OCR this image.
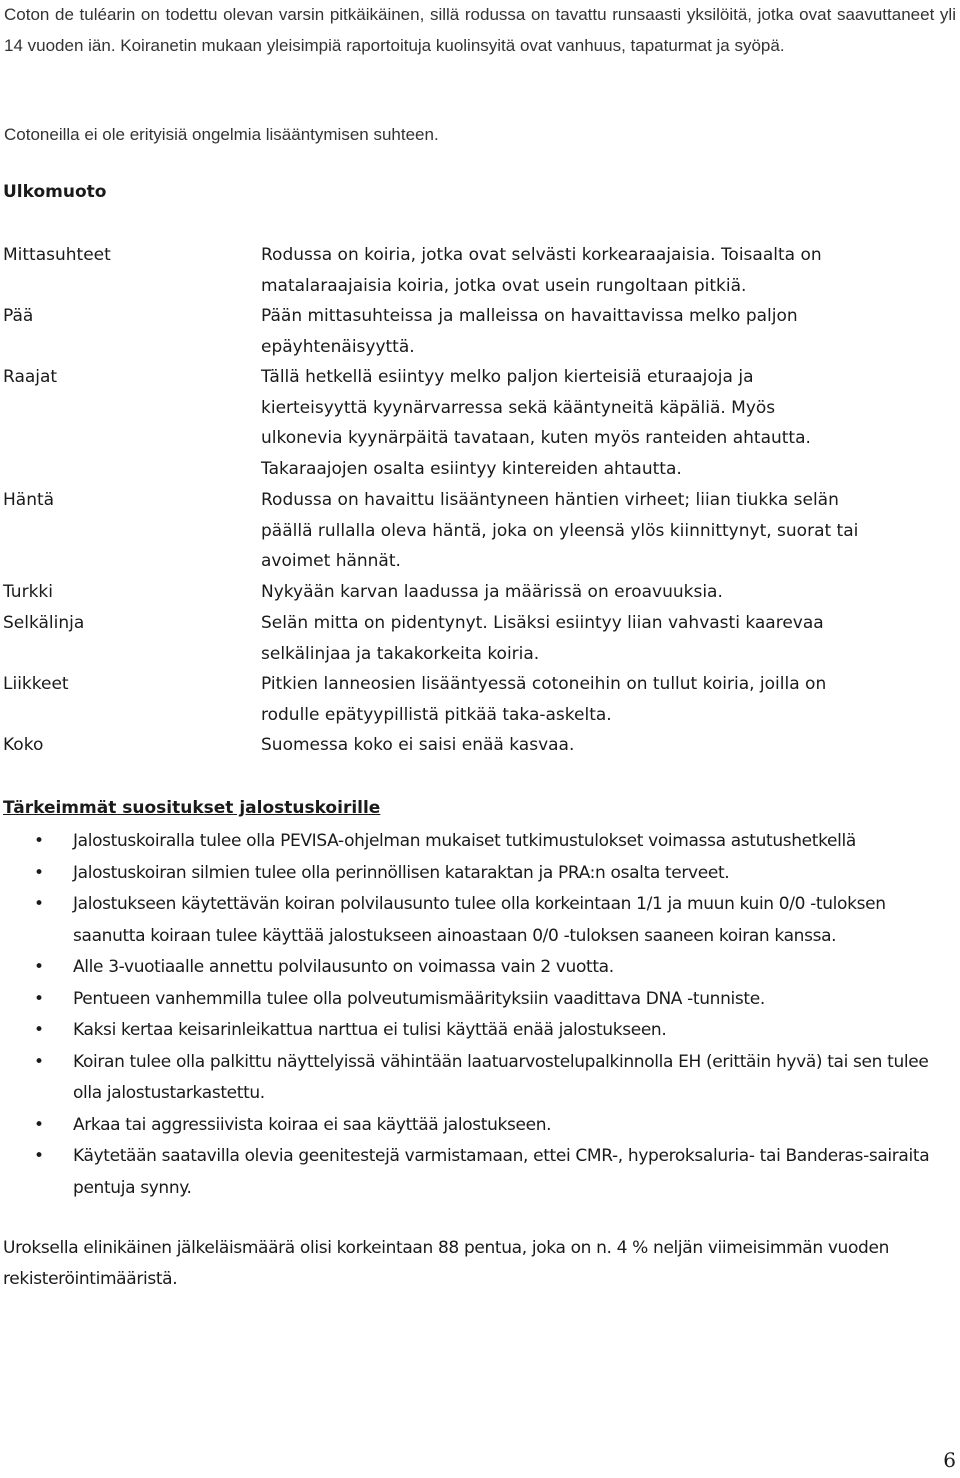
Coton de tuléarin on todettu olevan varsin pitkäikäinen, sillä rodussa on tavattu runsaasti yksilöitä, jotka ovat saavuttaneet yli 14 vuoden iän. Koiranetin mukaan yleisimpiä raportoituja kuolinsyitä ovat vanhuus, tapaturmat ja syöpä.

Cotoneilla ei ole erityisiä ongelmia lisääntymisen suhteen.

Ulkomuoto
Mittasuhteet	Rodussa on koiria, jotka ovat selvästi korkearaajaisia. Toisaalta on matalaraajaisia koiria, jotka ovat usein rungoltaan pitkiä.
Pää	Pään mittasuhteissa ja malleissa on havaittavissa melko paljon epäyhtenäisyyttä.
Raajat	Tällä hetkellä esiintyy melko paljon kierteisiä eturaajoja ja kierteisyyttä kyynärvarressa sekä kääntyneitä käpäliä. Myös ulkonevia kyynärpäitä tavataan, kuten myös ranteiden ahtautta. Takaraajojen osalta esiintyy kintereiden ahtautta.
Häntä	Rodussa on havaittu lisääntyneen häntien virheet; liian tiukka selän päällä rullalla oleva häntä, joka on yleensä ylös kiinnittynyt, suorat tai avoimet hännät.
Turkki	Nykyään karvan laadussa ja määrissä on eroavuuksia.
Selkälinja	Selän mitta on pidentynyt. Lisäksi esiintyy liian vahvasti kaarevaa selkälinjaa ja takakorkeita koiria.
Liikkeet	Pitkien lanneosien lisääntyessä cotoneihin on tullut koiria, joilla on rodulle epätyypillistä pitkää taka-askelta.
Koko	Suomessa koko ei saisi enää kasvaa.
Tärkeimmät suositukset jalostuskoirille
• Jalostuskoiralla tulee olla PEVISA-ohjelman mukaiset tutkimustulokset voimassa astutushetkellä
• Jalostuskoiran silmien tulee olla perinnöllisen kataraktan ja PRA:n osalta terveet.
• Jalostukseen käytettävän koiran polvilausunto tulee olla korkeintaan 1/1 ja muun kuin 0/0 -tuloksen saanutta koiraan tulee käyttää jalostukseen ainoastaan 0/0 -tuloksen saaneen koiran kanssa.
• Alle 3-vuotiaalle annettu polvilausunto on voimassa vain 2 vuotta.
• Pentueen vanhemmilla tulee olla polveutumismäärityksiin vaadittava DNA -tunniste.
• Kaksi kertaa keisarinleikattua narttua ei tulisi käyttää enää jalostukseen.
• Koiran tulee olla palkittu näyttelyissä vähintään laatuarvostelupalkinnolla EH (erittäin hyvä) tai sen tulee olla jalostustarkastettu.
• Arkaa tai aggressiivista koiraa ei saa käyttää jalostukseen.
• Käytetään saatavilla olevia geenitestejä varmistamaan, ettei CMR-, hyperoksaluria- tai Banderas-sairaita pentuja synny.

Uroksella elinikäinen jälkeläismäärä olisi korkeintaan 88 pentua, joka on n. 4 % neljän viimeisimmän vuoden rekisteröintimääristä.

6
